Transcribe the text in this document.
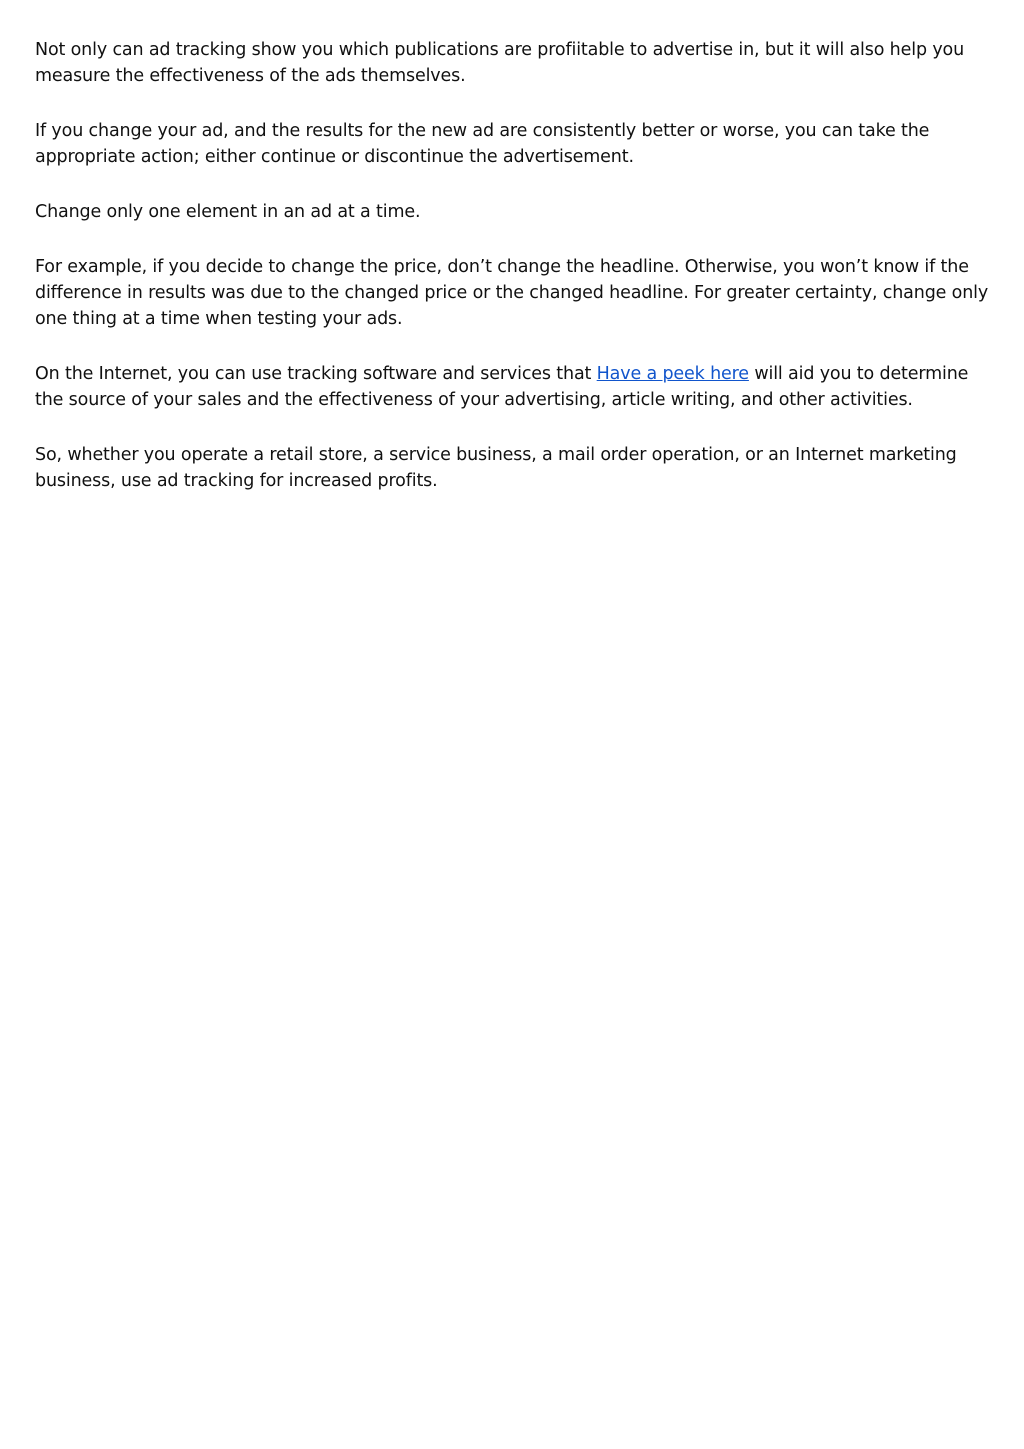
Not only can ad tracking show you which publications are profiitable to advertise in, but it will also help you measure the effectiveness of the ads themselves.

If you change your ad, and the results for the new ad are consistently better or worse, you can take the appropriate action; either continue or discontinue the advertisement.

Change only one element in an ad at a time.

For example, if you decide to change the price, don’t change the headline. Otherwise, you won’t know if the difference in results was due to the changed price or the changed headline. For greater certainty, change only one thing at a time when testing your ads.

On the Internet, you can use tracking software and services that Have a peek here will aid you to determine the source of your sales and the effectiveness of your advertising, article writing, and other activities.

So, whether you operate a retail store, a service business, a mail order operation, or an Internet marketing business, use ad tracking for increased profits.
